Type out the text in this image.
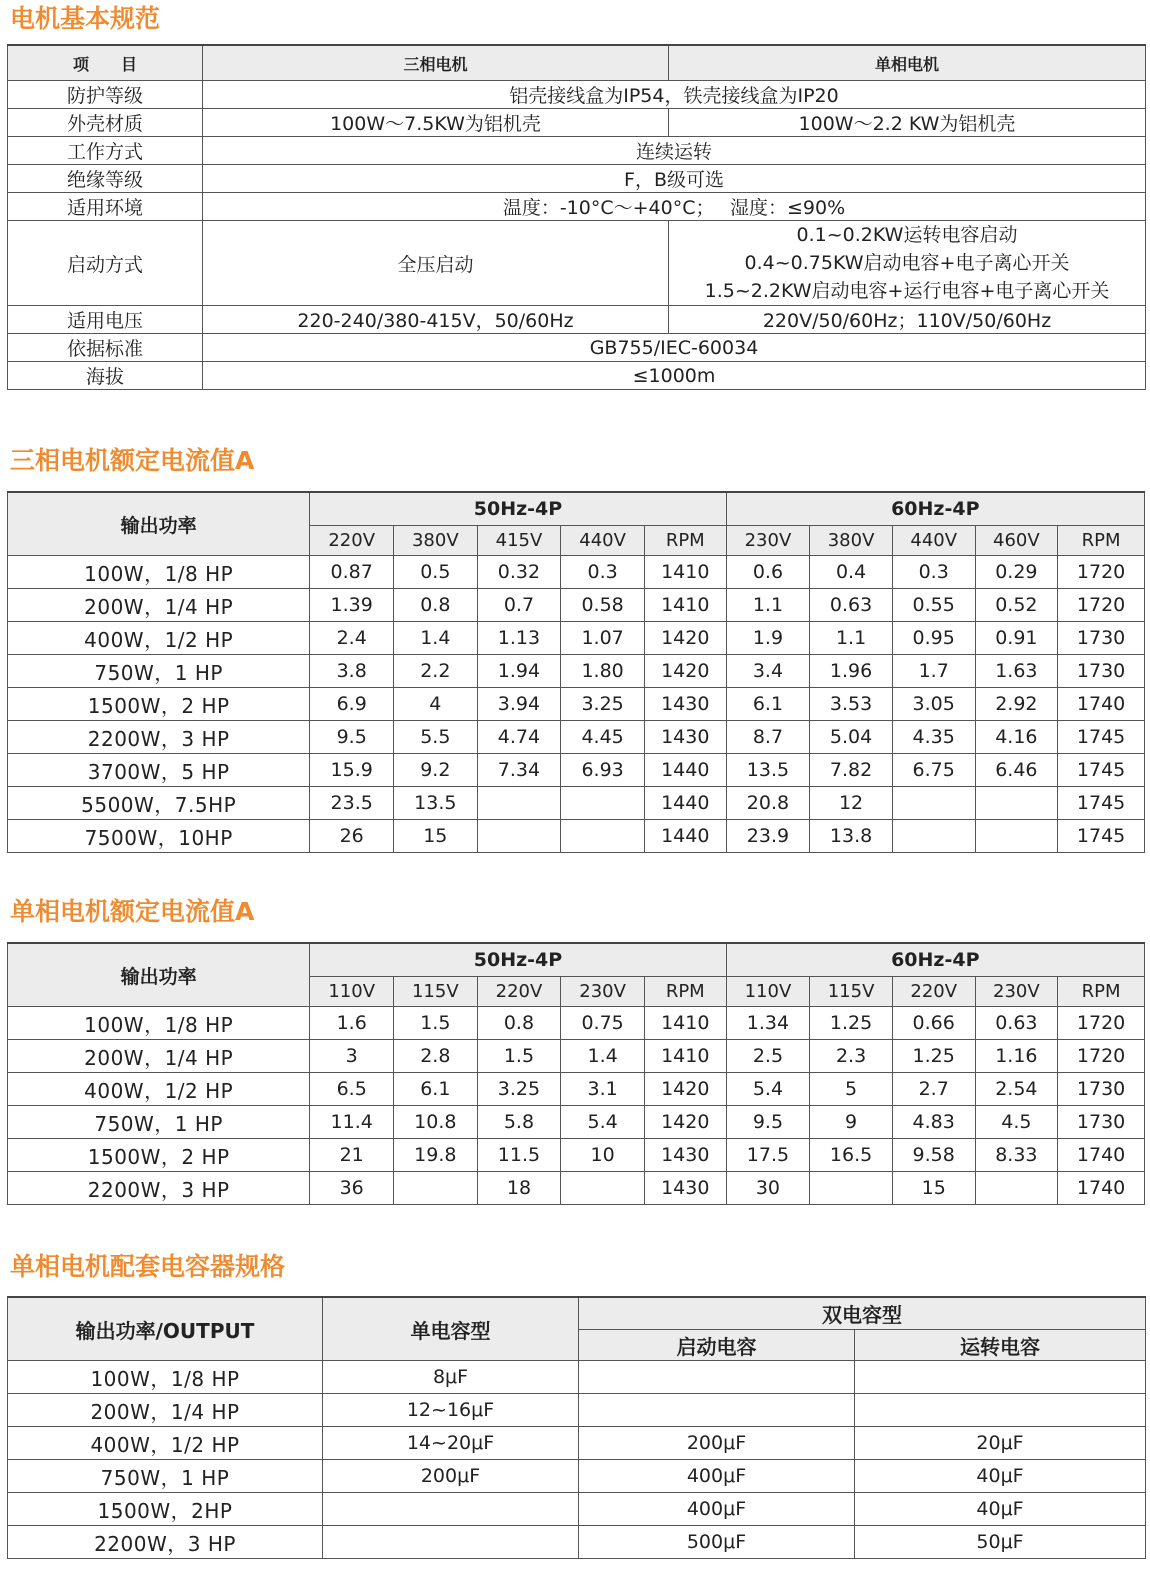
电机基本规范
项　　目	三相电机	单相电机
防护等级	铝壳接线盒为IP54，铁壳接线盒为IP20	
外壳材质	100W～7.5KW为铝机壳	100W～2.2 KW为铝机壳
工作方式	连续运转	
绝缘等级	F，B级可选	
适用环境	温度：-10°C～+40°C；　 湿度：≤90%	
启动方式	全压启动	0.1~0.2KW运转电容启动
0.4~0.75KW启动电容+电子离心开关
1.5~2.2KW启动电容+运行电容+电子离心开关

适用电压	220-240/380-415V，50/60Hz	220V/50/60Hz；110V/50/60Hz
依据标准	GB755/IEC-60034	
海拔	≤1000m	
三相电机额定电流值A
输出功率	50Hz-4P					60Hz-4P				
	220V	380V	415V	440V	RPM	230V	380V	440V	460V	RPM
100W，1/8 HP	0.87	0.5	0.32	0.3	1410	0.6	0.4	0.3	0.29	1720
200W，1/4 HP	1.39	0.8	0.7	0.58	1410	1.1	0.63	0.55	0.52	1720
400W，1/2 HP	2.4	1.4	1.13	1.07	1420	1.9	1.1	0.95	0.91	1730
750W，1 HP	3.8	2.2	1.94	1.80	1420	3.4	1.96	1.7	1.63	1730
1500W，2 HP	6.9	4	3.94	3.25	1430	6.1	3.53	3.05	2.92	1740
2200W，3 HP	9.5	5.5	4.74	4.45	1430	8.7	5.04	4.35	4.16	1745
3700W，5 HP	15.9	9.2	7.34	6.93	1440	13.5	7.82	6.75	6.46	1745
5500W，7.5HP	23.5	13.5			1440	20.8	12			1745
7500W，10HP	26	15			1440	23.9	13.8			1745
单相电机额定电流值A
输出功率	50Hz-4P					60Hz-4P				
	110V	115V	220V	230V	RPM	110V	115V	220V	230V	RPM
100W，1/8 HP	1.6	1.5	0.8	0.75	1410	1.34	1.25	0.66	0.63	1720
200W，1/4 HP	3	2.8	1.5	1.4	1410	2.5	2.3	1.25	1.16	1720
400W，1/2 HP	6.5	6.1	3.25	3.1	1420	5.4	5	2.7	2.54	1730
750W，1 HP	11.4	10.8	5.8	5.4	1420	9.5	9	4.83	4.5	1730
1500W，2 HP	21	19.8	11.5	10	1430	17.5	16.5	9.58	8.33	1740
2200W，3 HP	36		18		1430	30		15		1740
单相电机配套电容器规格
输出功率/OUTPUT	单电容型	双电容型	
		启动电容	运转电容
100W，1/8 HP	8μF		
200W，1/4 HP	12~16μF		
400W，1/2 HP	14~20μF	200μF	20μF
750W，1 HP	200μF	400μF	40μF
1500W，2HP		400μF	40μF
2200W，3 HP		500μF	50μF
